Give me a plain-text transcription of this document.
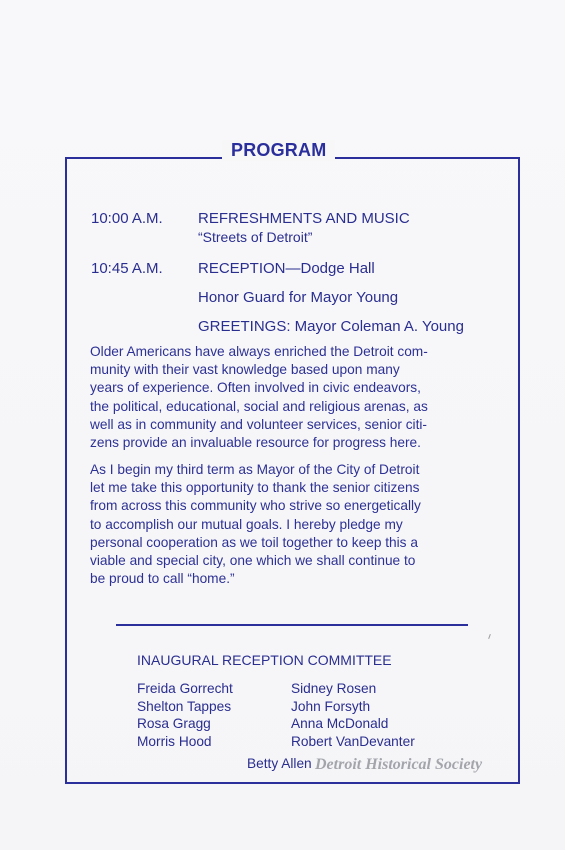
PROGRAM
10:00 A.M.	REFRESHMENTS AND MUSIC
“Streets of Detroit”
10:45 A.M.	RECEPTION—Dodge Hall
Honor Guard for Mayor Young
GREETINGS: Mayor Coleman A. Young
Older Americans have always enriched the Detroit com-
munity with their vast knowledge based upon many
years of experience. Often involved in civic endeavors,
the political, educational, social and religious arenas, as
well as in community and volunteer services, senior citi-
zens provide an invaluable resource for progress here.
As I begin my third term as Mayor of the City of Detroit
let me take this opportunity to thank the senior citizens
from across this community who strive so energetically
to accomplish our mutual goals. I hereby pledge my
personal cooperation as we toil together to keep this a
viable and special city, one which we shall continue to
be proud to call “home.”
INAUGURAL RECEPTION COMMITTEE
Freida Gorrecht
Shelton Tappes
Rosa Gragg
Morris Hood
Sidney Rosen
John Forsyth
Anna McDonald
Robert VanDevanter
Betty Allen Detroit Historical Society
